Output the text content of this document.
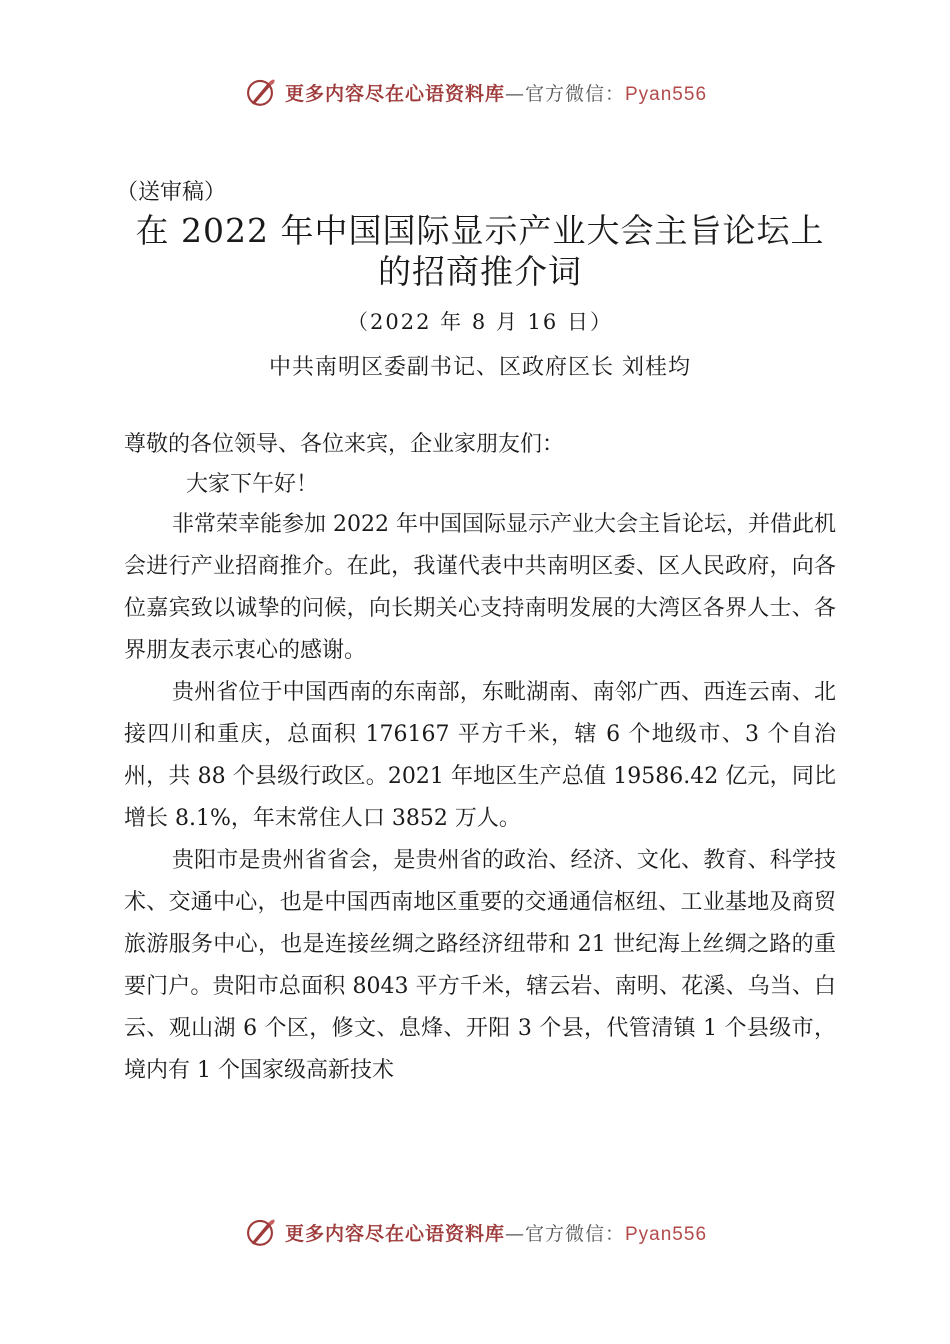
更多内容尽在心语资料库—官方微信：Pyan556

（送审稿）

在 2022 年中国国际显示产业大会主旨论坛上
的招商推介词

（2022 年 8 月 16 日）

中共南明区委副书记、区政府区长 刘桂均

尊敬的各位领导、各位来宾，企业家朋友们：

大家下午好！

非常荣幸能参加 2022 年中国国际显示产业大会主旨论坛，并借此机会进行产业招商推介。在此，我谨代表中共南明区委、区人民政府，向各位嘉宾致以诚挚的问候，向长期关心支持南明发展的大湾区各界人士、各界朋友表示衷心的感谢。

贵州省位于中国西南的东南部，东毗湖南、南邻广西、西连云南、北接四川和重庆，总面积 176167 平方千米，辖 6 个地级市、3 个自治州，共 88 个县级行政区。2021 年地区生产总值 19586.42 亿元，同比增长 8.1%，年末常住人口 3852 万人。

贵阳市是贵州省省会，是贵州省的政治、经济、文化、教育、科学技术、交通中心，也是中国西南地区重要的交通通信枢纽、工业基地及商贸旅游服务中心，也是连接丝绸之路经济纽带和 21 世纪海上丝绸之路的重要门户。贵阳市总面积 8043 平方千米，辖云岩、南明、花溪、乌当、白云、观山湖 6 个区，修文、息烽、开阳 3 个县，代管清镇 1 个县级市，境内有 1 个国家级高新技术

更多内容尽在心语资料库—官方微信：Pyan556
